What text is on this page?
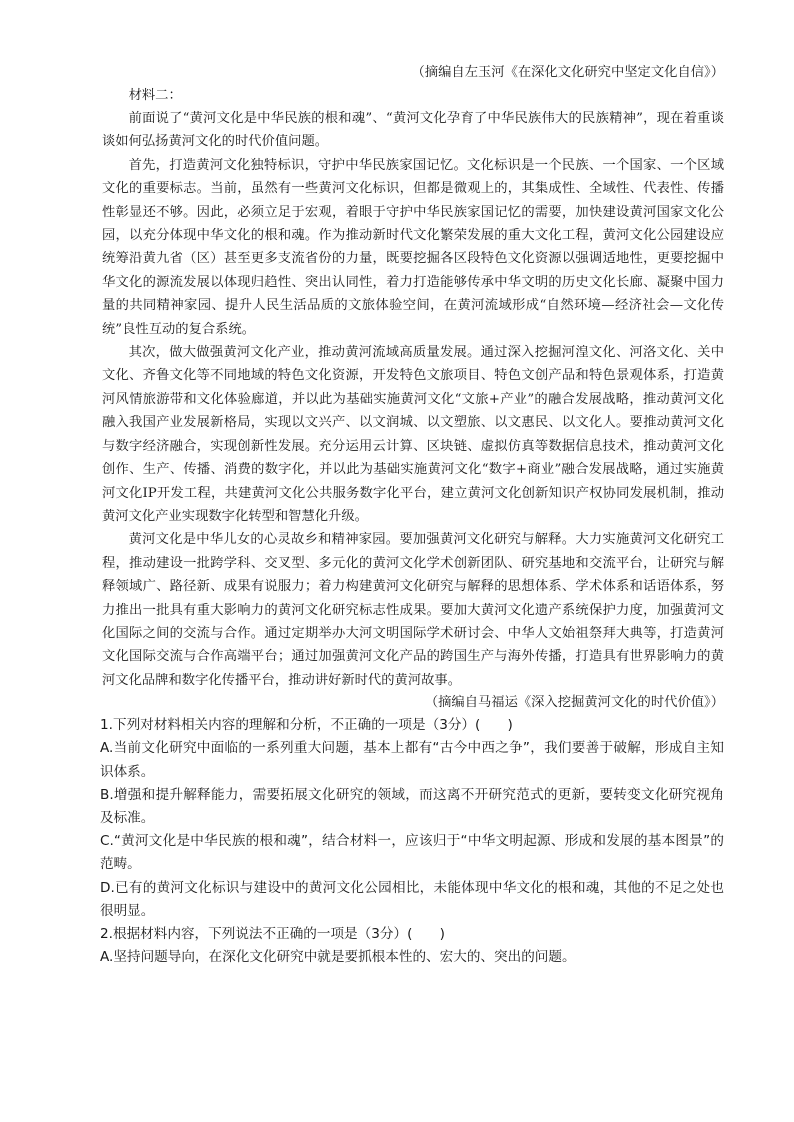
（摘编自左玉河《在深化文化研究中坚定文化自信》）

材料二：

前面说了“黄河文化是中华民族的根和魂”、“黄河文化孕育了中华民族伟大的民族精神”，现在着重谈谈如何弘扬黄河文化的时代价值问题。

首先，打造黄河文化独特标识，守护中华民族家国记忆。文化标识是一个民族、一个国家、一个区域文化的重要标志。当前，虽然有一些黄河文化标识，但都是微观上的，其集成性、全域性、代表性、传播性彰显还不够。因此，必须立足于宏观，着眼于守护中华民族家国记忆的需要，加快建设黄河国家文化公园，以充分体现中华文化的根和魂。作为推动新时代文化繁荣发展的重大文化工程，黄河文化公园建设应统筹沿黄九省（区）甚至更多支流省份的力量，既要挖掘各区段特色文化资源以强调适地性，更要挖掘中华文化的源流发展以体现归趋性、突出认同性，着力打造能够传承中华文明的历史文化长廊、凝聚中国力量的共同精神家园、提升人民生活品质的文旅体验空间，在黄河流域形成“自然环境—经济社会—文化传统”良性互动的复合系统。

其次，做大做强黄河文化产业，推动黄河流域高质量发展。通过深入挖掘河湟文化、河洛文化、关中文化、齐鲁文化等不同地域的特色文化资源，开发特色文旅项目、特色文创产品和特色景观体系，打造黄河风情旅游带和文化体验廊道，并以此为基础实施黄河文化“文旅+产业”的融合发展战略，推动黄河文化融入我国产业发展新格局，实现以文兴产、以文润城、以文塑旅、以文惠民、以文化人。要推动黄河文化与数字经济融合，实现创新性发展。充分运用云计算、区块链、虚拟仿真等数据信息技术，推动黄河文化创作、生产、传播、消费的数字化，并以此为基础实施黄河文化“数字+商业”融合发展战略，通过实施黄河文化IP开发工程，共建黄河文化公共服务数字化平台，建立黄河文化创新知识产权协同发展机制，推动黄河文化产业实现数字化转型和智慧化升级。

黄河文化是中华儿女的心灵故乡和精神家园。要加强黄河文化研究与解释。大力实施黄河文化研究工程，推动建设一批跨学科、交叉型、多元化的黄河文化学术创新团队、研究基地和交流平台，让研究与解释领域广、路径新、成果有说服力；着力构建黄河文化研究与解释的思想体系、学术体系和话语体系，努力推出一批具有重大影响力的黄河文化研究标志性成果。要加大黄河文化遗产系统保护力度，加强黄河文化国际之间的交流与合作。通过定期举办大河文明国际学术研讨会、中华人文始祖祭拜大典等，打造黄河文化国际交流与合作高端平台；通过加强黄河文化产品的跨国生产与海外传播，打造具有世界影响力的黄河文化品牌和数字化传播平台，推动讲好新时代的黄河故事。

（摘编自马福运《深入挖掘黄河文化的时代价值》）

1.下列对材料相关内容的理解和分析，不正确的一项是（3分）(　　)

A.当前文化研究中面临的一系列重大问题，基本上都有“古今中西之争”，我们要善于破解，形成自主知识体系。

B.增强和提升解释能力，需要拓展文化研究的领域，而这离不开研究范式的更新，要转变文化研究视角及标准。

C.“黄河文化是中华民族的根和魂”，结合材料一，应该归于“中华文明起源、形成和发展的基本图景”的范畴。

D.已有的黄河文化标识与建设中的黄河文化公园相比，未能体现中华文化的根和魂，其他的不足之处也很明显。

2.根据材料内容，下列说法不正确的一项是（3分）(　　)

A.坚持问题导向，在深化文化研究中就是要抓根本性的、宏大的、突出的问题。
